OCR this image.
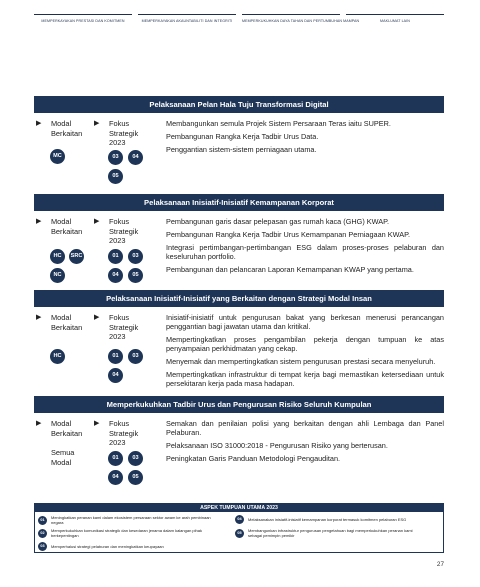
MEMPERKAYAKAN PRESTASI DAN KOMITMEN	MEMPERKAYAKAN AKAUNTABILITI DAN INTEGRITI	MEMPERKUKUHKAN DAYA TAHAN DAN PERTUMBUHAN MAMPAN	MAKLUMAT LAIN
Pelaksanaan Pelan Hala Tuju Transformasi Digital
▶ Modal
Berkaitan
MC
▶ Fokus
Strategik
2023
03	04
05
Membangunkan semula Projek Sistem Persaraan Teras iaitu SUPER.
Pembangunan Rangka Kerja Tadbir Urus Data.
Penggantian sistem-sistem perniagaan utama.
Pelaksanaan Inisiatif-Inisiatif Kemampanan Korporat
▶ Modal
Berkaitan
HC	SRC
NC
▶ Fokus
Strategik
2023
01	03
04	05
Pembangunan garis dasar pelepasan gas rumah kaca (GHG) KWAP.
Pembangunan Rangka Kerja Tadbir Urus Kemampanan Perniagaan KWAP.
Integrasi pertimbangan-pertimbangan ESG dalam proses-proses pelaburan dan keseluruhan portfolio.
Pembangunan dan pelancaran Laporan Kemampanan KWAP yang pertama.
Pelaksanaan Inisiatif-Inisiatif yang Berkaitan dengan Strategi Modal Insan
▶ Modal
Berkaitan
HC
▶ Fokus
Strategik
2023
01	03
04
Inisiatif-inisiatif untuk pengurusan bakat yang berkesan menerusi perancangan penggantian bagi jawatan utama dan kritikal.
Mempertingkatkan proses pengambilan pekerja dengan tumpuan ke atas penyampaian perkhidmatan yang cekap.
Menyemak dan mempertingkatkan sistem pengurusan prestasi secara menyeluruh.
Mempertingkatkan infrastruktur di tempat kerja bagi memastikan ketersediaan untuk persekitaran kerja pada masa hadapan.
Memperkukuhkan Tadbir Urus dan Pengurusan Risiko Seluruh Kumpulan
▶ Modal
Berkaitan
Semua
Modal
▶ Fokus
Strategik
2023
01	03
04	05
Semakan dan penilaian polisi yang berkaitan dengan ahli Lembaga dan Panel Pelaburan.
Pelaksanaan ISO 31000:2018 - Pengurusan Risiko yang berterusan.
Peningkatan Garis Panduan Metodologi Pengauditan.
ASPEK TUMPUAN UTAMA 2023
01	Meningkatkan peranan kami dalam ekosistem persaraan sektor awam ke arah pembinaan negara
02	Memperkukuhkan komunikasi strategik dan kesedaran jenama dalam kalangan pihak berkepentingan
03	Memperhalusi strategi pelaburan dan meningkatkan keupayaan
04	Melaksanakan inisiatif-inisiatif kemampanan korporat termasuk komitmen pelaburan ESG
05	Membangunkan infrastruktur pengurusan pengetahuan bagi memperkukuhkan peranan kami sebagai pemimpin pemikir
27
